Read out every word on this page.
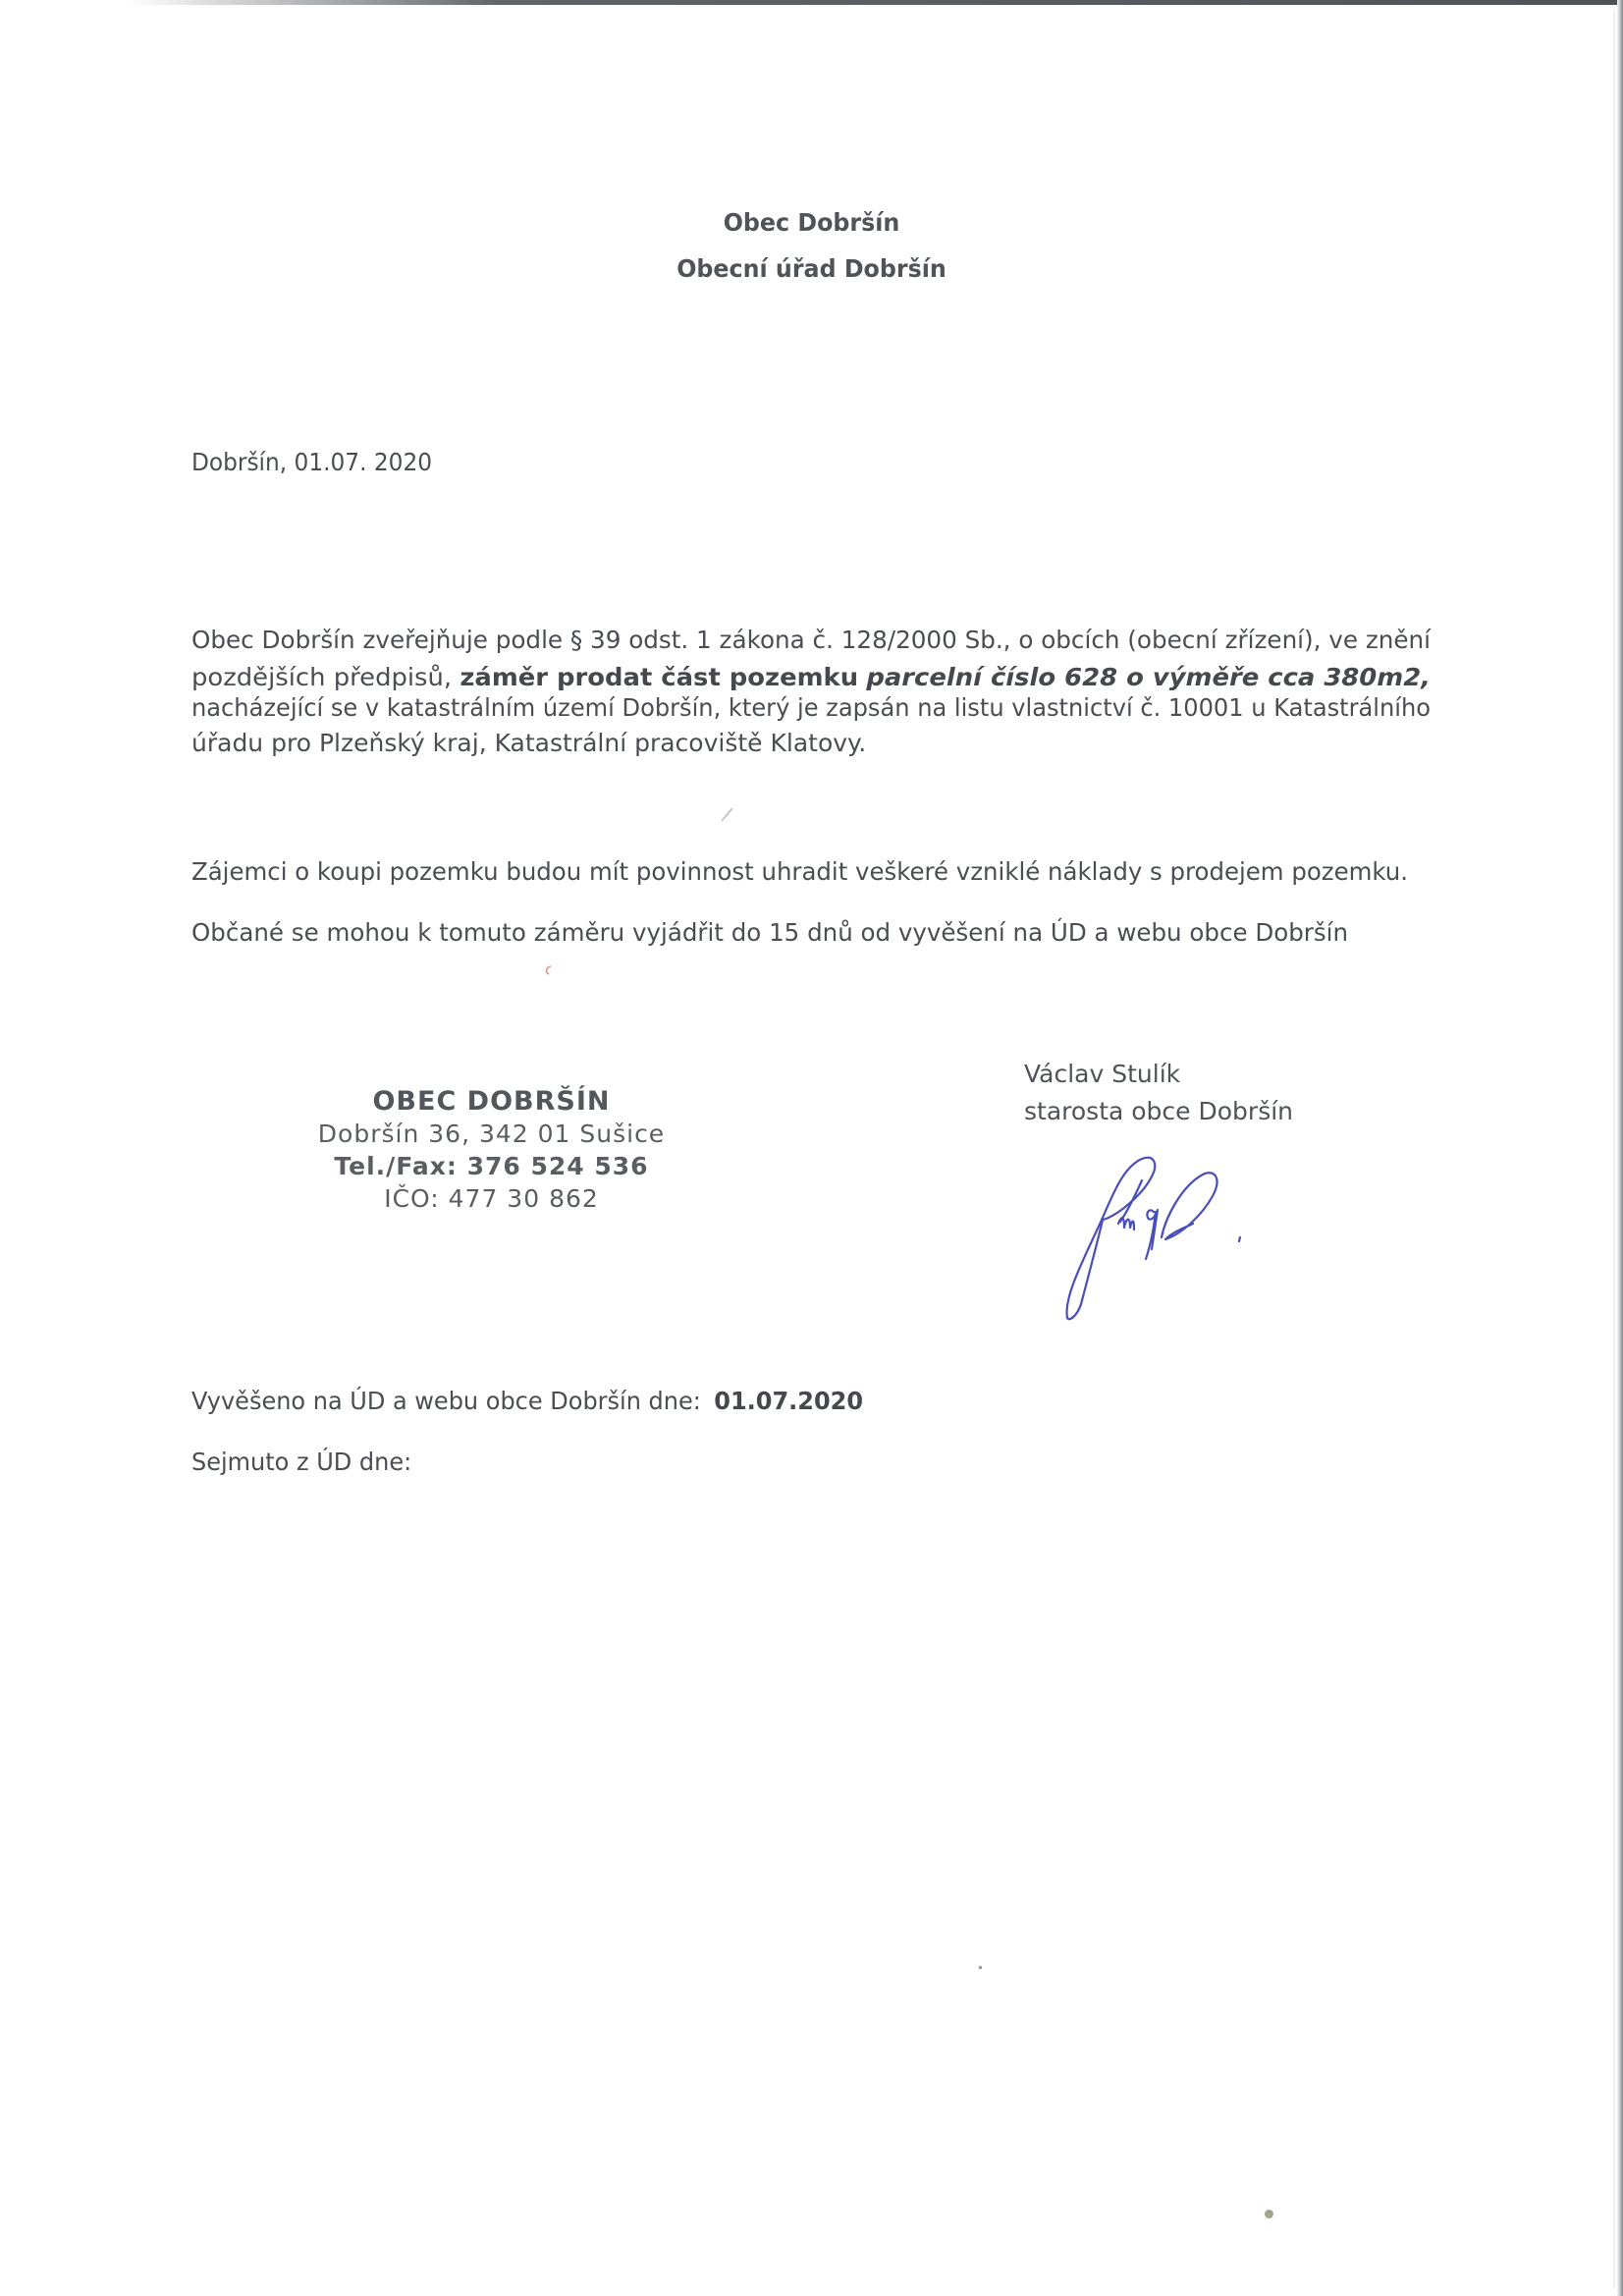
Obec Dobršín
Obecní úřad Dobršín
Dobršín, 01.07. 2020
Obec Dobršín zveřejňuje podle § 39 odst. 1 zákona č. 128/2000 Sb., o obcích (obecní zřízení), ve znění
pozdějších předpisů, záměr prodat část pozemku parcelní číslo 628 o výměře cca 380m2,
nacházející se v katastrálním území Dobršín, který je zapsán na listu vlastnictví č. 10001 u Katastrálního
úřadu pro Plzeňský kraj, Katastrální pracoviště Klatovy.
Zájemci o koupi pozemku budou mít povinnost uhradit veškeré vzniklé náklady s prodejem pozemku.
Občané se mohou k tomuto záměru vyjádřit do 15 dnů od vyvěšení na ÚD a webu obce Dobršín
OBEC DOBRŠÍN
Dobršín 36, 342 01 Sušice
Tel./Fax: 376 524 536
IČO: 477 30 862
Václav Stulík
starosta obce Dobršín
Vyvěšeno na ÚD a webu obce Dobršín dne: 01.07.2020
Sejmuto z ÚD dne:
